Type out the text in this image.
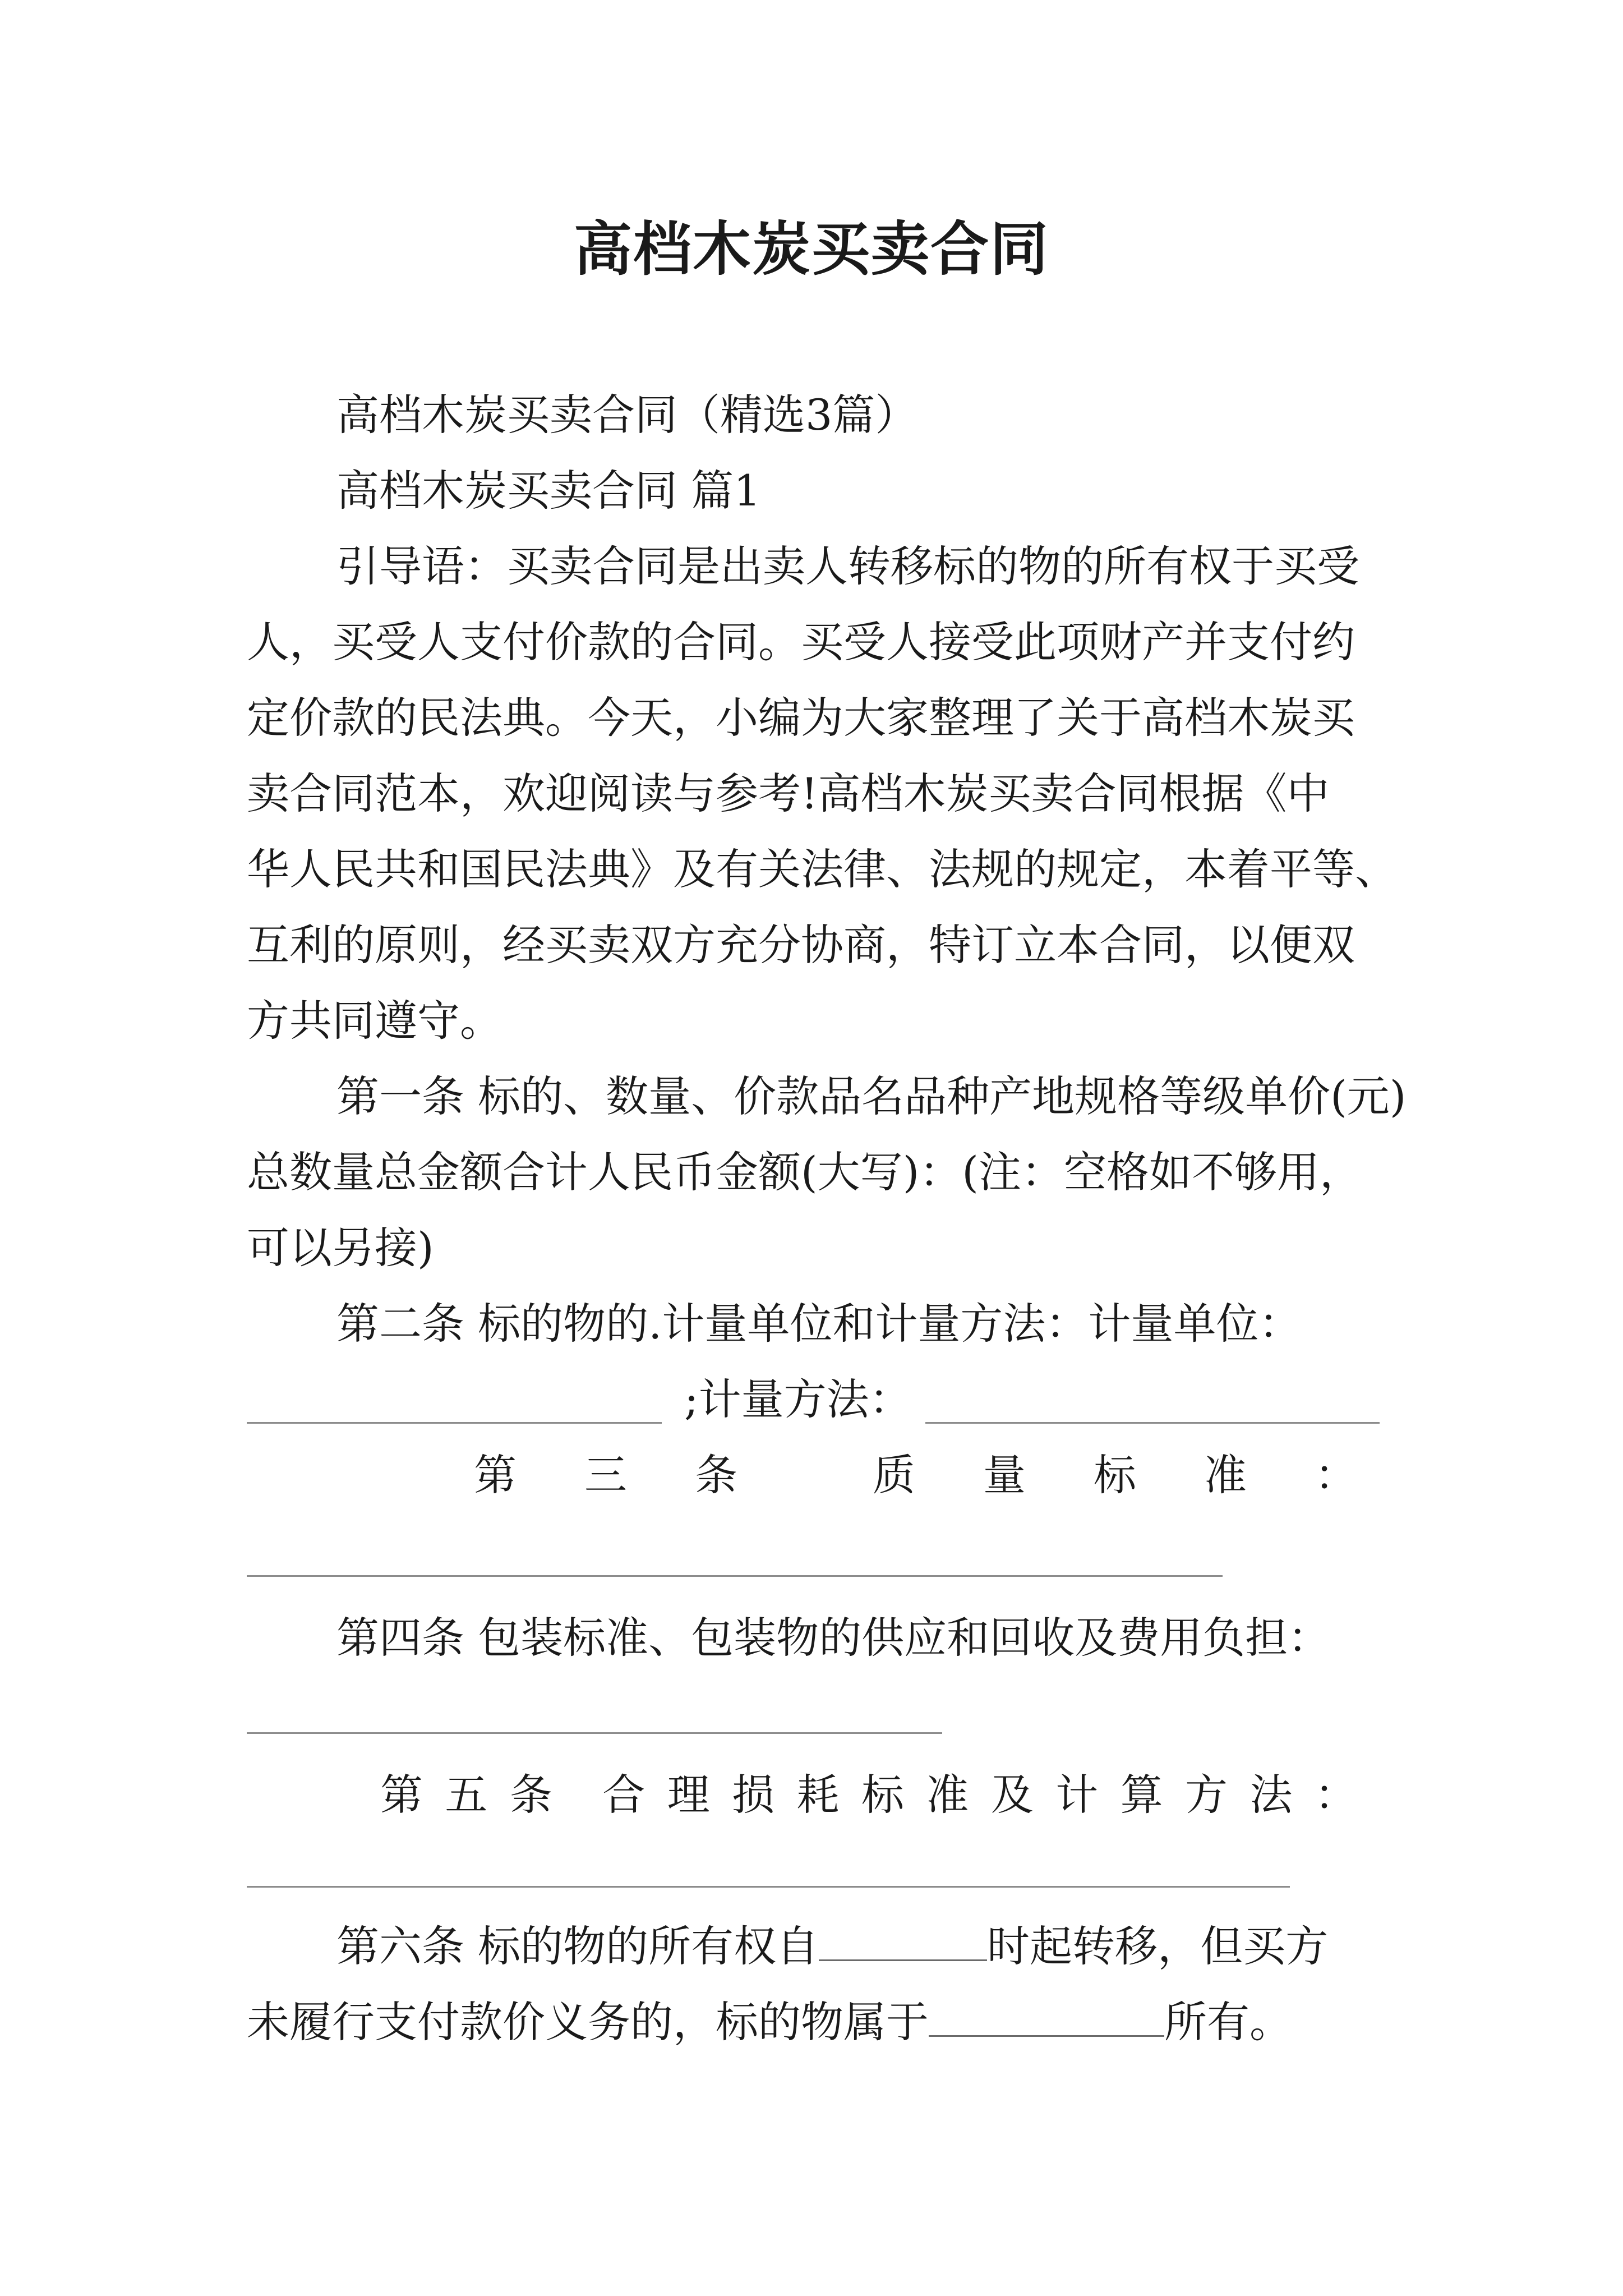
高档木炭买卖合同
高档木炭买卖合同（精选3篇）
高档木炭买卖合同 篇1
引导语：买卖合同是出卖人转移标的物的所有权于买受
人，买受人支付价款的合同。买受人接受此项财产并支付约
定价款的民法典。今天，小编为大家整理了关于高档木炭买
卖合同范本，欢迎阅读与参考!高档木炭买卖合同根据《中
华人民共和国民法典》及有关法律、法规的规定，本着平等、
互利的原则，经买卖双方充分协商，特订立本合同，以便双
方共同遵守。
第一条 标的、数量、价款品名品种产地规格等级单价(元)
总数量总金额合计人民币金额(大写)：(注：空格如不够用，
可以另接)
第二条 标的物的.计量单位和计量方法：计量单位：
;计量方法：
第 三 条	质 量 标 准 ：
第四条 包装标准、包装物的供应和回收及费用负担：
第 五 条 合 理 损 耗 标 准 及 计 算 方 法 ：
第六条 标的物的所有权自	时起转移，但买方
未履行支付款价义务的，标的物属于	所有。
